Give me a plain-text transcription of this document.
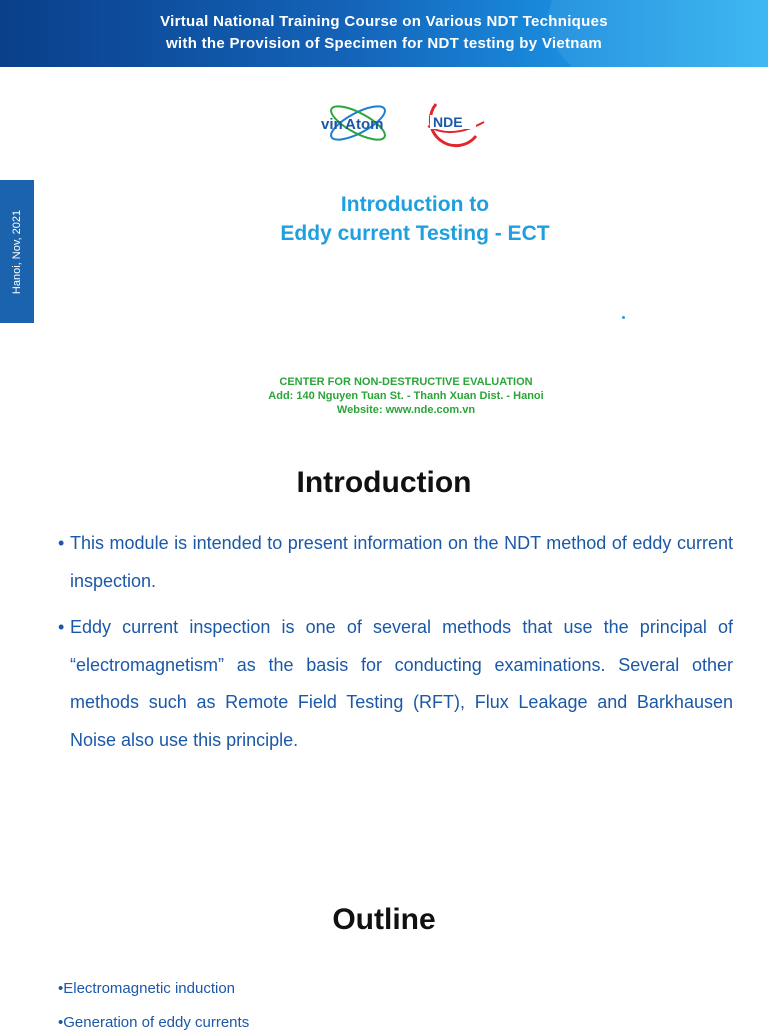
Virtual National Training Course on Various NDT Techniques
with the Provision of Specimen for NDT testing by Vietnam
Hanoi, Nov, 2021
vin A tom	NDE
Introduction to
Eddy current Testing - ECT
CENTER FOR NON-DESTRUCTIVE EVALUATION
Add: 140 Nguyen Tuan St. - Thanh Xuan Dist. - Hanoi
Website: www.nde.com.vn
Introduction
• This module is intended to present information on the NDT method of eddy current inspection.
• Eddy current inspection is one of several methods that use the principal of “electromagnetism” as the basis for conducting examinations. Several other methods such as Remote Field Testing (RFT), Flux Leakage and Barkhausen Noise also use this principle.
Outline
•Electromagnetic induction
•Generation of eddy currents
